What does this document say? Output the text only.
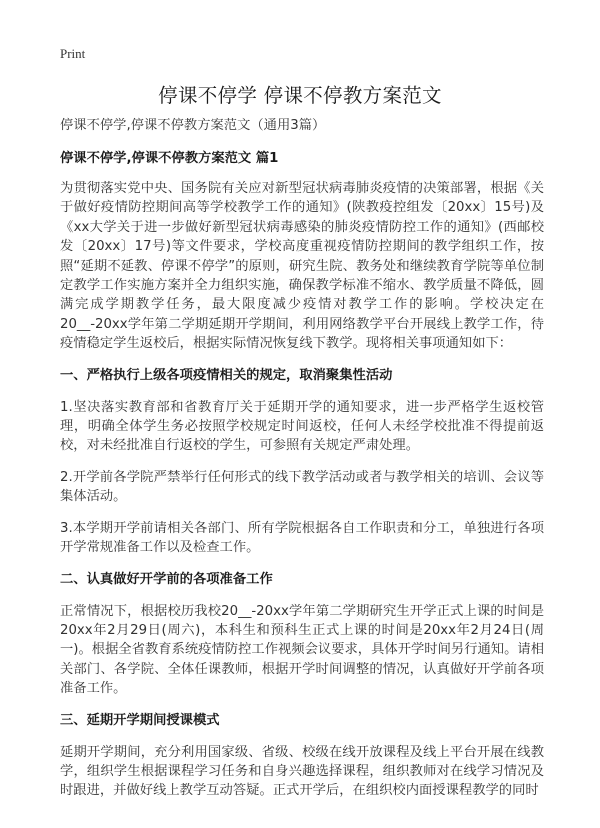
Print
停课不停学 停课不停教方案范文
停课不停学,停课不停教方案范文（通用3篇）
停课不停学,停课不停教方案范文 篇1

为贯彻落实党中央、国务院有关应对新型冠状病毒肺炎疫情的决策部署，根据《关于做好疫情防控期间高等学校教学工作的通知》(陕教疫控组发〔20xx〕15号)及《xx大学关于进一步做好新型冠状病毒感染的肺炎疫情防控工作的通知》(西邮校发〔20xx〕17号)等文件要求，学校高度重视疫情防控期间的教学组织工作，按照“延期不延教、停课不停学”的原则，研究生院、教务处和继续教育学院等单位制定教学工作实施方案并全力组织实施，确保教学标准不缩水、教学质量不降低，圆满完成学期教学任务，最大限度减少疫情对教学工作的影响。学校决定在20__-20xx学年第二学期延期开学期间，利用网络教学平台开展线上教学工作，待疫情稳定学生返校后，根据实际情况恢复线下教学。现将相关事项通知如下：

一、严格执行上级各项疫情相关的规定，取消聚集性活动

1.坚决落实教育部和省教育厅关于延期开学的通知要求，进一步严格学生返校管理，明确全体学生务必按照学校规定时间返校，任何人未经学校批准不得提前返校，对未经批准自行返校的学生，可参照有关规定严肃处理。

2.开学前各学院严禁举行任何形式的线下教学活动或者与教学相关的培训、会议等集体活动。

3.本学期开学前请相关各部门、所有学院根据各自工作职责和分工，单独进行各项开学常规准备工作以及检查工作。

二、认真做好开学前的各项准备工作

正常情况下，根据校历我校20__-20xx学年第二学期研究生开学正式上课的时间是20xx年2月29日(周六)，本科生和预科生正式上课的时间是20xx年2月24日(周一)。根据全省教育系统疫情防控工作视频会议要求，具体开学时间另行通知。请相关部门、各学院、全体任课教师，根据开学时间调整的情况，认真做好开学前各项准备工作。

三、延期开学期间授课模式

延期开学期间，充分利用国家级、省级、校级在线开放课程及线上平台开展在线教学，组织学生根据课程学习任务和自身兴趣选择课程，组织教师对在线学习情况及时跟进，并做好线上教学互动答疑。正式开学后，在组织校内面授课程教学的同时
